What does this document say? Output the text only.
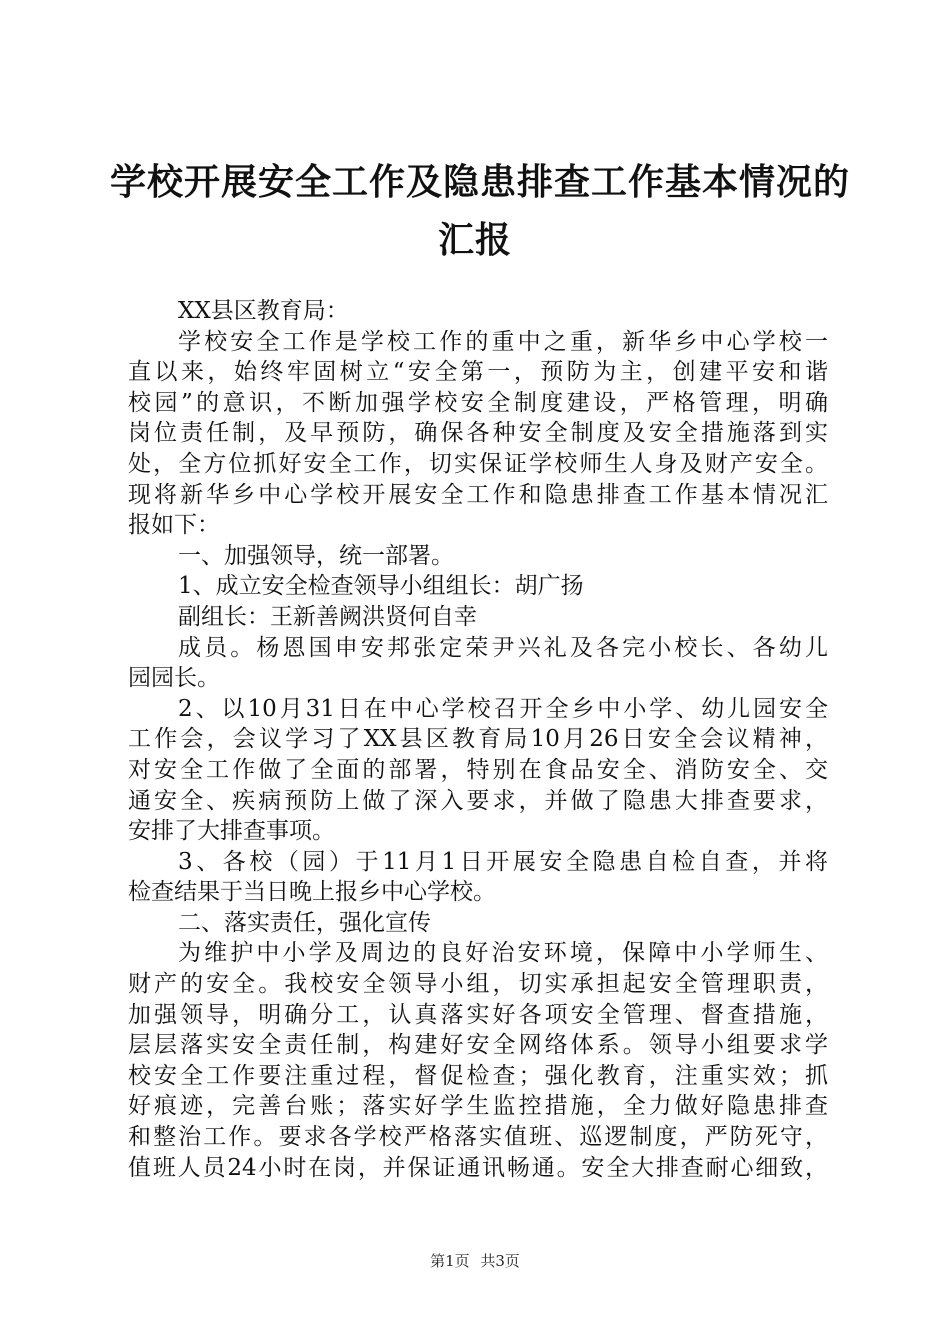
学校开展安全工作及隐患排查工作基本情况的
汇报
XX县区教育局：
学校安全工作是学校工作的重中之重，新华乡中心学校一
直以来，始终牢固树立“安全第一，预防为主，创建平安和谐
校园”的意识，不断加强学校安全制度建设，严格管理，明确
岗位责任制，及早预防，确保各种安全制度及安全措施落到实
处，全方位抓好安全工作，切实保证学校师生人身及财产安全。
现将新华乡中心学校开展安全工作和隐患排查工作基本情况汇
报如下：
一、加强领导，统一部署。
1、成立安全检查领导小组组长：胡广扬
副组长：王新善阙洪贤何自幸
成员。杨恩国申安邦张定荣尹兴礼及各完小校长、各幼儿
园园长。
2、以10月31日在中心学校召开全乡中小学、幼儿园安全
工作会，会议学习了XX县区教育局10月26日安全会议精神，
对安全工作做了全面的部署，特别在食品安全、消防安全、交
通安全、疾病预防上做了深入要求，并做了隐患大排查要求，
安排了大排查事项。
3、各校（园）于11月1日开展安全隐患自检自查，并将
检查结果于当日晚上报乡中心学校。
二、落实责任，强化宣传
为维护中小学及周边的良好治安环境，保障中小学师生、
财产的安全。我校安全领导小组，切实承担起安全管理职责，
加强领导，明确分工，认真落实好各项安全管理、督查措施，
层层落实安全责任制，构建好安全网络体系。领导小组要求学
校安全工作要注重过程，督促检查；强化教育，注重实效；抓
好痕迹，完善台账；落实好学生监控措施，全力做好隐患排查
和整治工作。要求各学校严格落实值班、巡逻制度，严防死守，
值班人员24小时在岗，并保证通讯畅通。安全大排查耐心细致，
第1页 共3页
